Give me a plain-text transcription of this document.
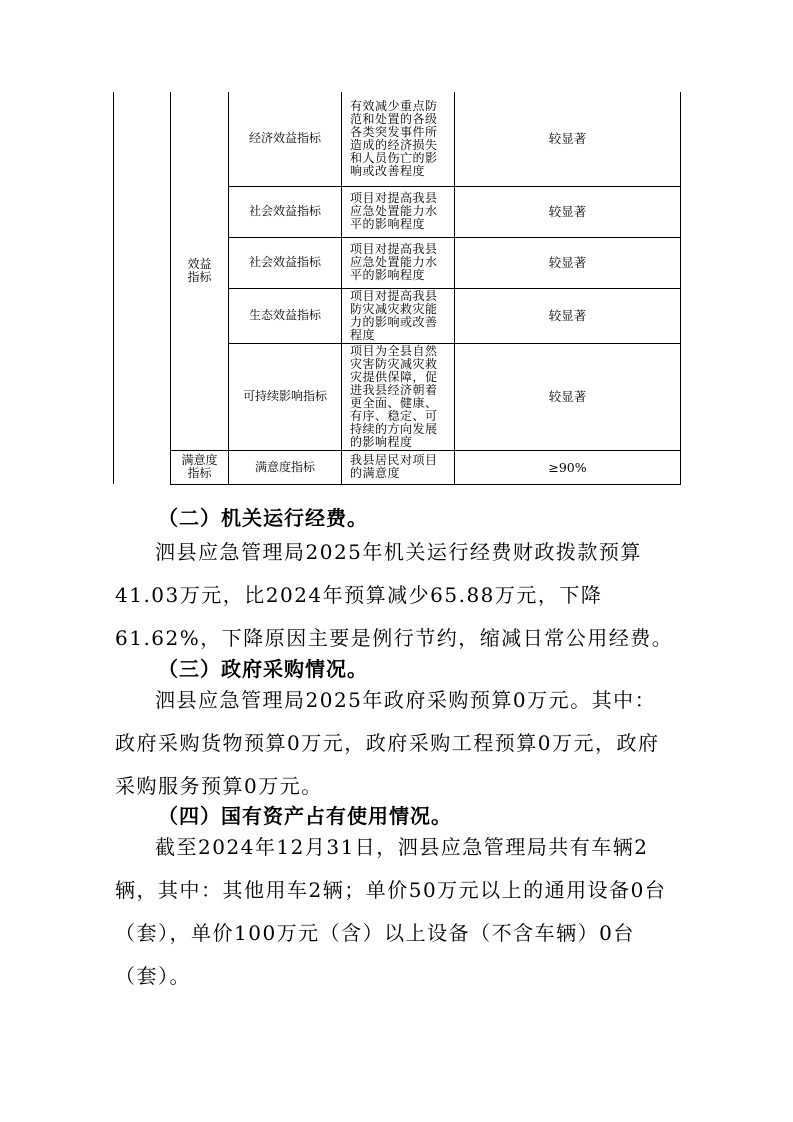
	效益指标	经济效益指标	有效减少重点防范和处置的各级各类突发事件所造成的经济损失和人员伤亡的影响或改善程度	较显著
		社会效益指标	项目对提高我县应急处置能力水平的影响程度	较显著
		社会效益指标	项目对提高我县应急处置能力水平的影响程度	较显著
		生态效益指标	项目对提高我县防灾减灾救灾能力的影响或改善程度	较显著
		可持续影响指标	项目为全县自然灾害防灾减灾救灾提供保障，促进我县经济朝着更全面、健康、有序、稳定、可持续的方向发展的影响程度	较显著
	满意度指标	满意度指标	我县居民对项目的满意度	≥90%
（二）机关运行经费。

泗县应急管理局2025年机关运行经费财政拨款预算41.03万元，比2024年预算减少65.88万元，下降61.62%，下降原因主要是例行节约，缩减日常公用经费。

（三）政府采购情况。

泗县应急管理局2025年政府采购预算0万元。其中：政府采购货物预算0万元，政府采购工程预算0万元，政府采购服务预算0万元。

（四）国有资产占有使用情况。

截至2024年12月31日，泗县应急管理局共有车辆2辆，其中：其他用车2辆；单价50万元以上的通用设备0台（套），单价100万元（含）以上设备（不含车辆）0台（套）。
